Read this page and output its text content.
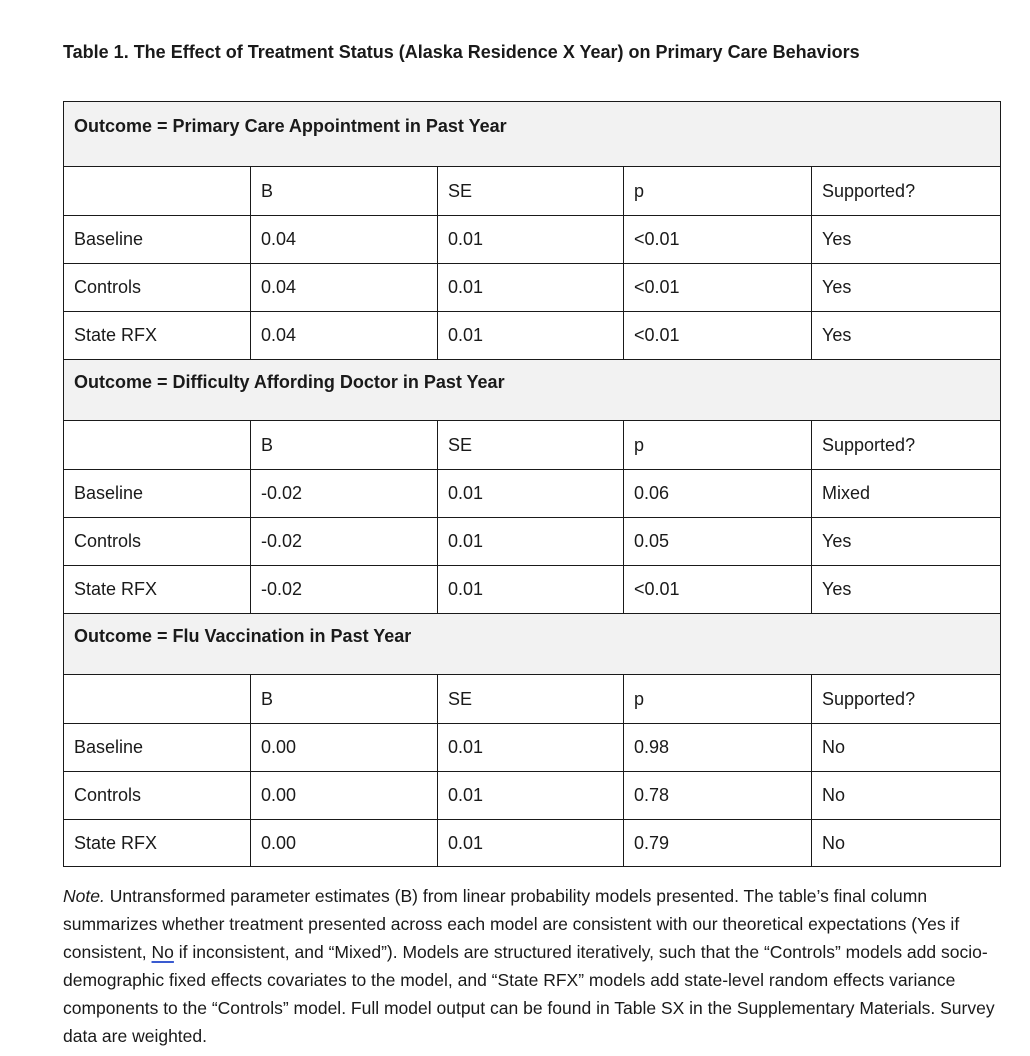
Table 1. The Effect of Treatment Status (Alaska Residence X Year) on Primary Care Behaviors
Outcome = Primary Care Appointment in Past Year				
	B	SE	p	Supported?
Baseline	0.04	0.01	<0.01	Yes
Controls	0.04	0.01	<0.01	Yes
State RFX	0.04	0.01	<0.01	Yes
Outcome = Difficulty Affording Doctor in Past Year				
	B	SE	p	Supported?
Baseline	-0.02	0.01	0.06	Mixed
Controls	-0.02	0.01	0.05	Yes
State RFX	-0.02	0.01	<0.01	Yes
Outcome = Flu Vaccination in Past Year				
	B	SE	p	Supported?
Baseline	0.00	0.01	0.98	No
Controls	0.00	0.01	0.78	No
State RFX	0.00	0.01	0.79	No
Note. Untransformed parameter estimates (B) from linear probability models presented. The table’s final column summarizes whether treatment presented across each model are consistent with our theoretical expectations (Yes if consistent, No if inconsistent, and “Mixed”). Models are structured iteratively, such that the “Controls” models add socio-demographic fixed effects covariates to the model, and “State RFX” models add state-level random effects variance components to the “Controls” model. Full model output can be found in Table SX in the Supplementary Materials. Survey data are weighted.
